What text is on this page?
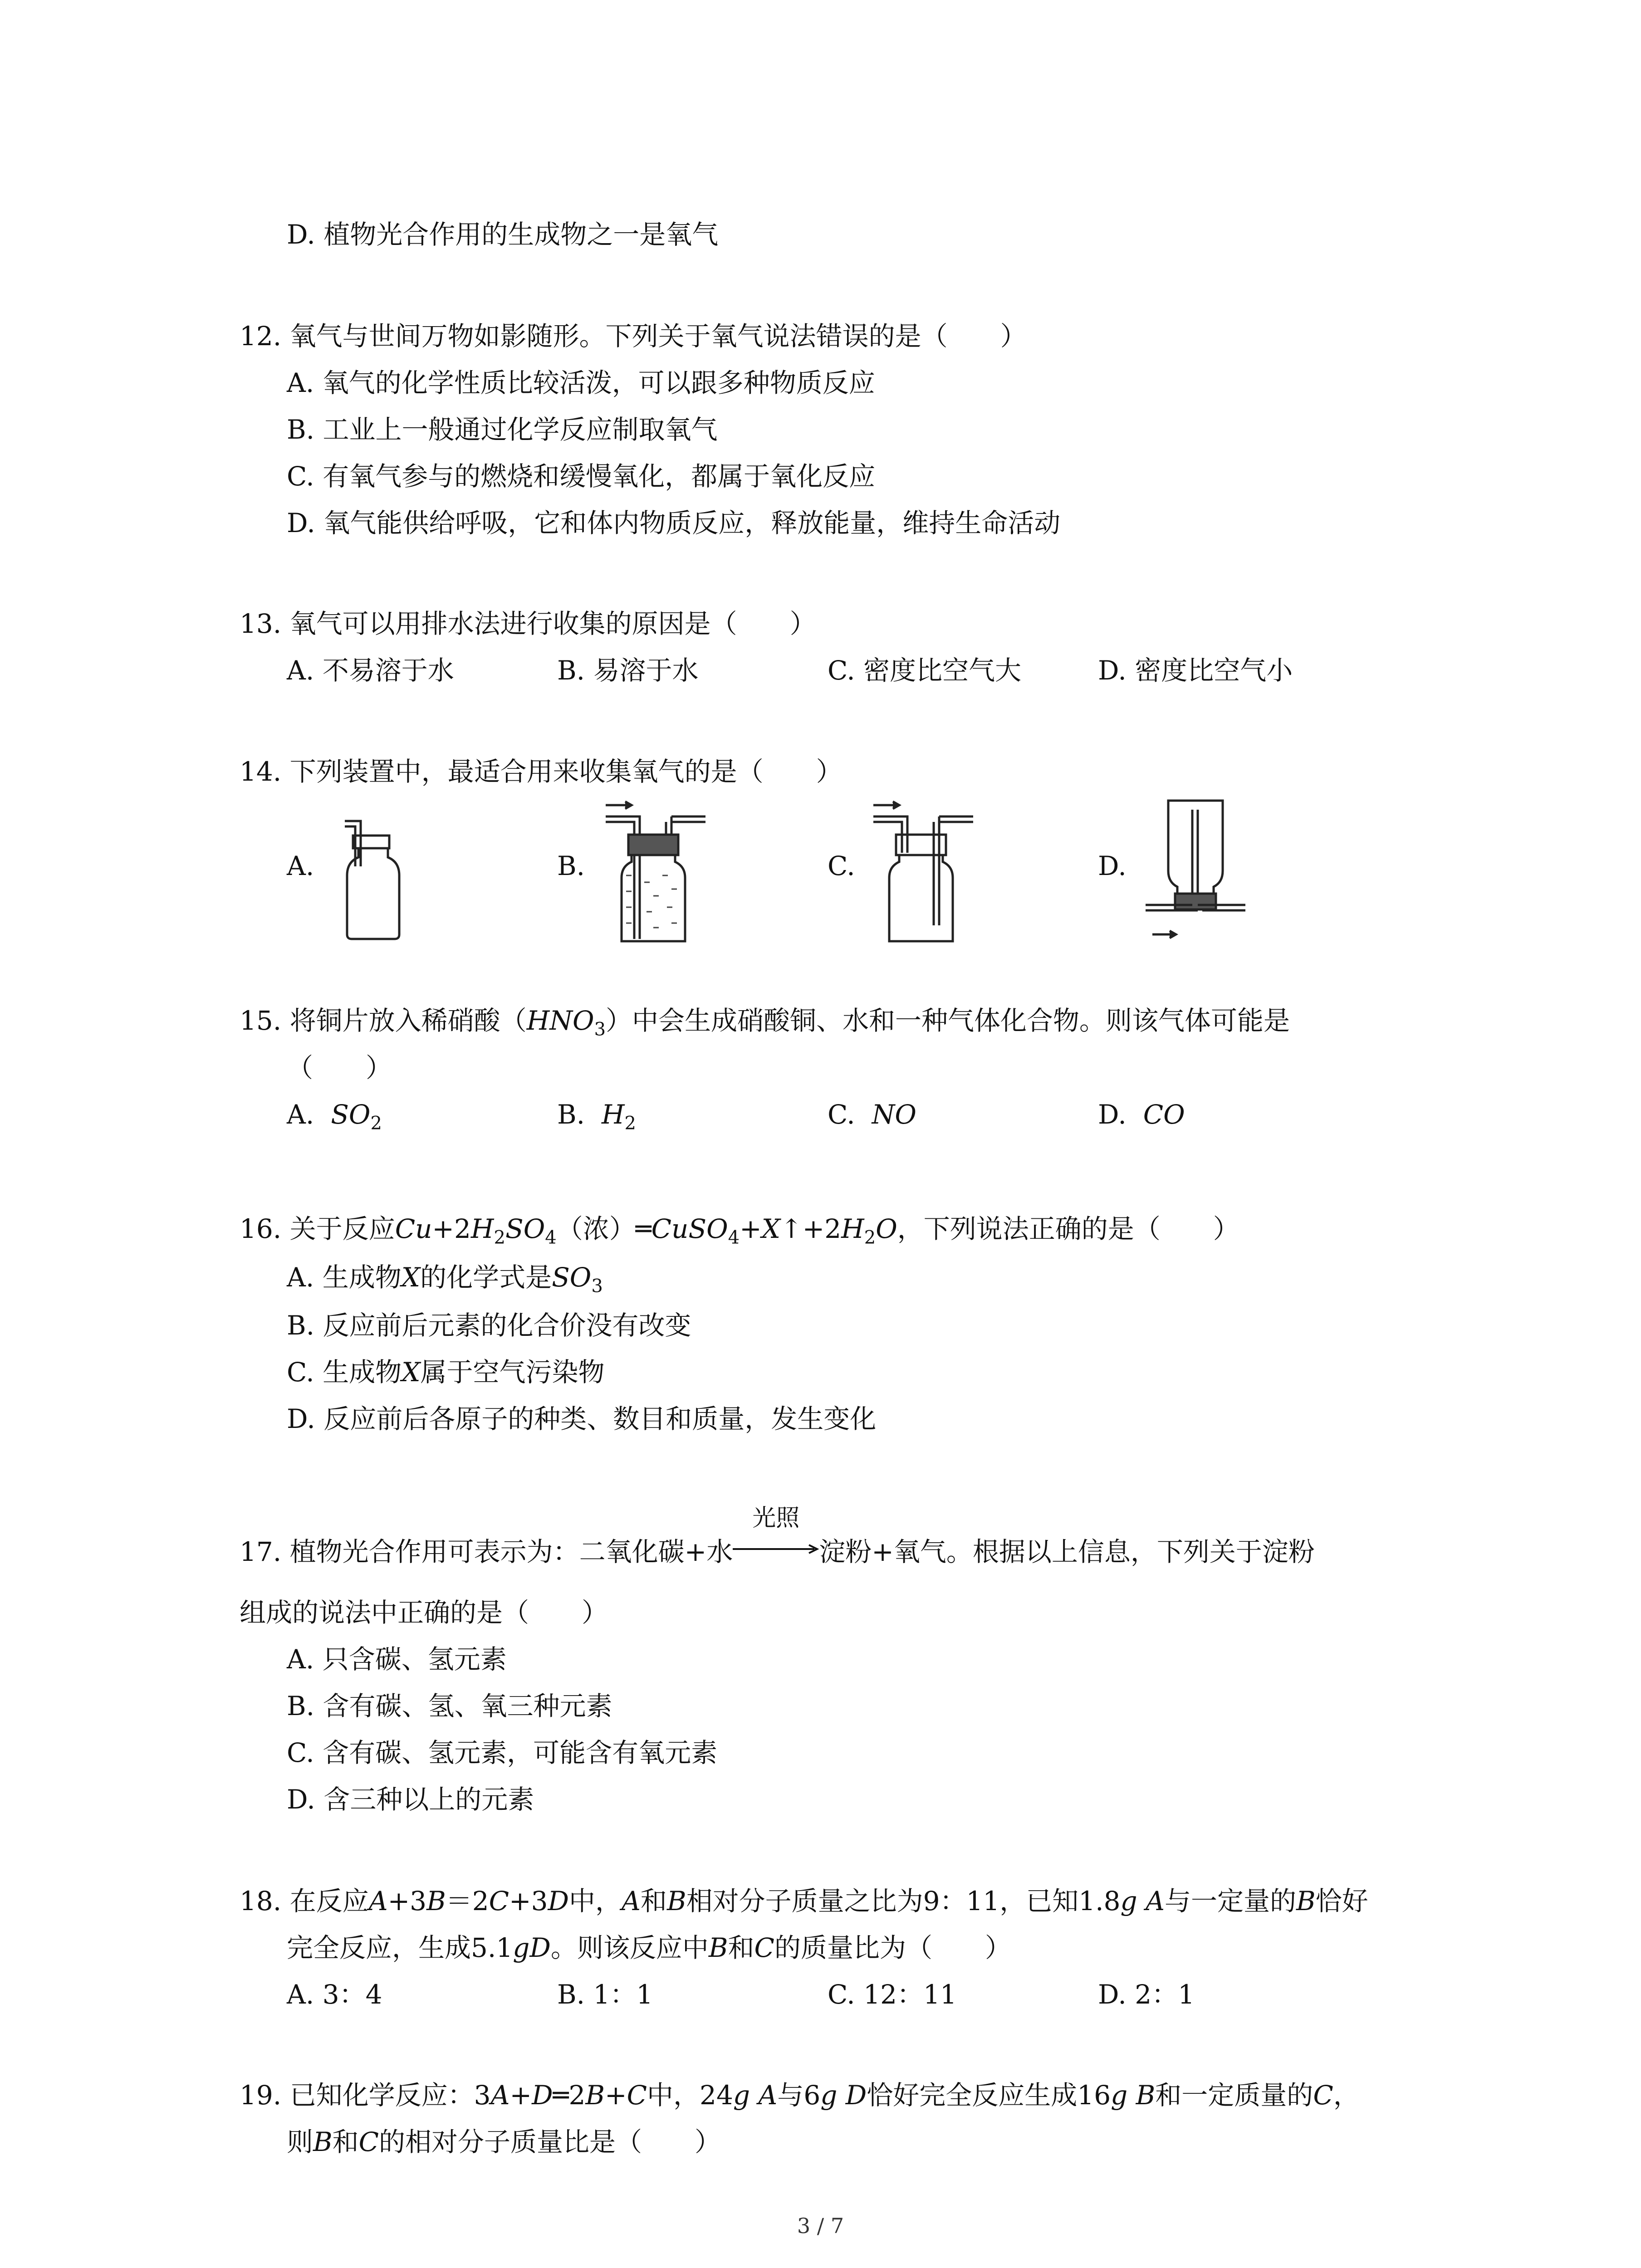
D. 植物光合作用的生成物之一是氧气
12. 氧气与世间万物如影随形。下列关于氧气说法错误的是（　　）
A. 氧气的化学性质比较活泼，可以跟多种物质反应
B. 工业上一般通过化学反应制取氧气
C. 有氧气参与的燃烧和缓慢氧化，都属于氧化反应
D. 氧气能供给呼吸，它和体内物质反应，释放能量，维持生命活动
13. 氧气可以用排水法进行收集的原因是（　　）
A. 不易溶于水	B. 易溶于水	C. 密度比空气大	D. 密度比空气小
14. 下列装置中，最适合用来收集氧气的是（　　）
A.	B.	C.	D.
15. 将铜片放入稀硝酸$(HNO_3)$中会生成硝酸铜、水和一种气体化合物。则该气体可能是
（　　）
A. $SO_2$	B. $H_2$	C. NO	D. CO
16. 关于反应$Cu+2H_2SO_4$（浓）$═CuSO_4+X↑+2H_2O$，下列说法正确的是（　　）
A. 生成物X的化学式是$SO_3$
B. 反应前后元素的化合价没有改变
C. 生成物X属于空气污染物
D. 反应前后各原子的种类、数目和质量，发生变化
17. 植物光合作用可表示为：二氧化碳+水
光照
淀粉+氧气。根据以上信息，下列关于淀粉
组成的说法中正确的是（　　）
A. 只含碳、氢元素
B. 含有碳、氢、氧三种元素
C. 含有碳、氢元素，可能含有氧元素
D. 含三种以上的元素
18. 在反应A+3B＝2C+3D中，A和B相对分子质量之比为9：11，已知1.8g A与一定量的B恰好
完全反应，生成5.1gD。则该反应中B和C的质量比为（　　）
A. 3：4	B. 1：1	C. 12：11	D. 2：1
19. 已知化学反应：3A+D═2B+C中，24g A与6g D恰好完全反应生成16g B和一定质量的C，
则B和C的相对分子质量比是（　　）
3 / 7
